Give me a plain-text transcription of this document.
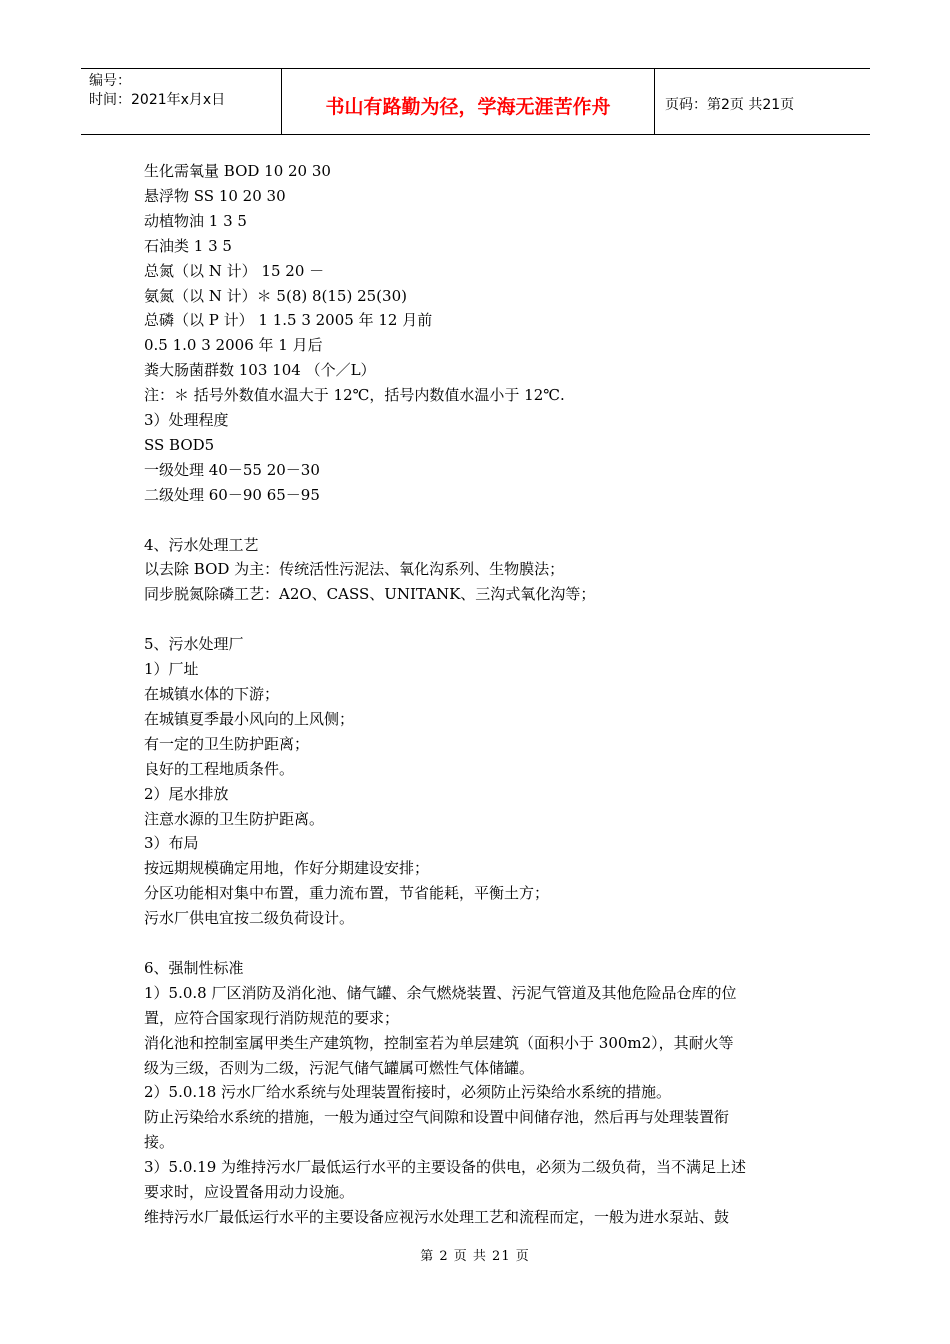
编号：
时间：2021年x月x日	书山有路勤为径，学海无涯苦作舟	页码：第2页 共21页
生化需氧量 BOD 10 20 30
悬浮物 SS 10 20 30
动植物油 1 3 5
石油类 1 3 5
总氮（以 N 计） 15 20 －
氨氮（以 N 计）＊ 5(8) 8(15) 25(30)
总磷（以 P 计） 1 1.5 3 2005 年 12 月前
0.5 1.0 3 2006 年 1 月后
粪大肠菌群数 103 104 （个／L）
注：＊ 括号外数值水温大于 12℃，括号内数值水温小于 12℃.
3）处理程度
SS BOD5
一级处理 40－55 20－30
二级处理 60－90 65－95
4、污水处理工艺
以去除 BOD 为主：传统活性污泥法、氧化沟系列、生物膜法；
同步脱氮除磷工艺：A2O、CASS、UNITANK、三沟式氧化沟等；
5、污水处理厂
1）厂址
在城镇水体的下游；
在城镇夏季最小风向的上风侧；
有一定的卫生防护距离；
良好的工程地质条件。
2）尾水排放
注意水源的卫生防护距离。
3）布局
按远期规模确定用地，作好分期建设安排；
分区功能相对集中布置，重力流布置，节省能耗，平衡土方；
污水厂供电宜按二级负荷设计。
6、强制性标准
1）5.0.8 厂区消防及消化池、储气罐、余气燃烧装置、污泥气管道及其他危险品仓库的位
置，应符合国家现行消防规范的要求；
消化池和控制室属甲类生产建筑物，控制室若为单层建筑（面积小于 300m2），其耐火等
级为三级，否则为二级，污泥气储气罐属可燃性气体储罐。
2）5.0.18 污水厂给水系统与处理装置衔接时，必须防止污染给水系统的措施。
防止污染给水系统的措施，一般为通过空气间隙和设置中间储存池，然后再与处理装置衔
接。
3）5.0.19 为维持污水厂最低运行水平的主要设备的供电，必须为二级负荷，当不满足上述
要求时，应设置备用动力设施。
维持污水厂最低运行水平的主要设备应视污水处理工艺和流程而定，一般为进水泵站、鼓
第 2 页 共 21 页
